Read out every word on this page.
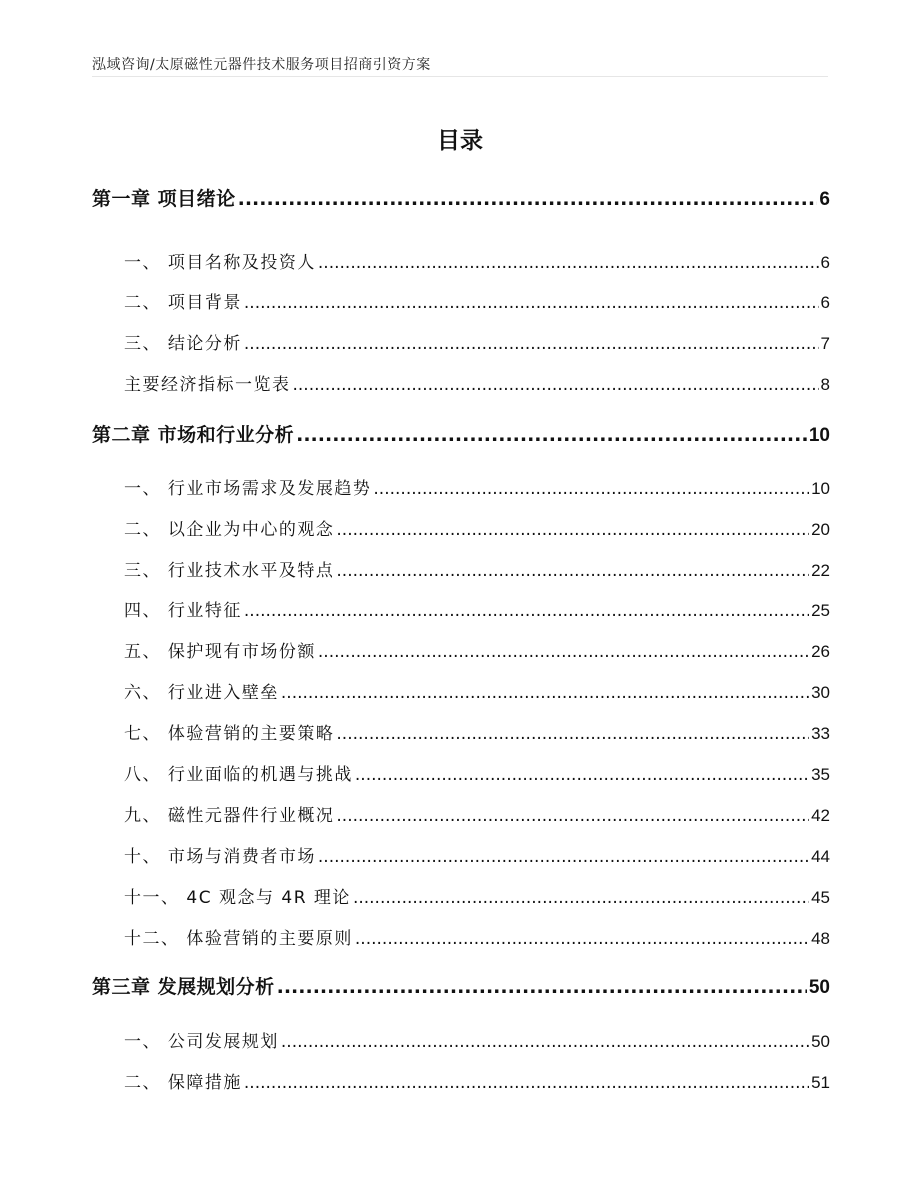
泓域咨询/太原磁性元器件技术服务项目招商引资方案
目录
第一章 项目绪论 .....	6
一、 项目名称及投资人 .....	6
二、 项目背景 .....	6
三、 结论分析 .....	7
主要经济指标一览表 .....	8
第二章 市场和行业分析 .....	10
一、 行业市场需求及发展趋势 .....	10
二、 以企业为中心的观念 .....	20
三、 行业技术水平及特点 .....	22
四、 行业特征 .....	25
五、 保护现有市场份额 .....	26
六、 行业进入壁垒 .....	30
七、 体验营销的主要策略 .....	33
八、 行业面临的机遇与挑战 .....	35
九、 磁性元器件行业概况 .....	42
十、 市场与消费者市场 .....	44
十一、 4C 观念与 4R 理论 .....	45
十二、 体验营销的主要原则 .....	48
第三章 发展规划分析 .....	50
一、 公司发展规划 .....	50
二、 保障措施 .....	51
